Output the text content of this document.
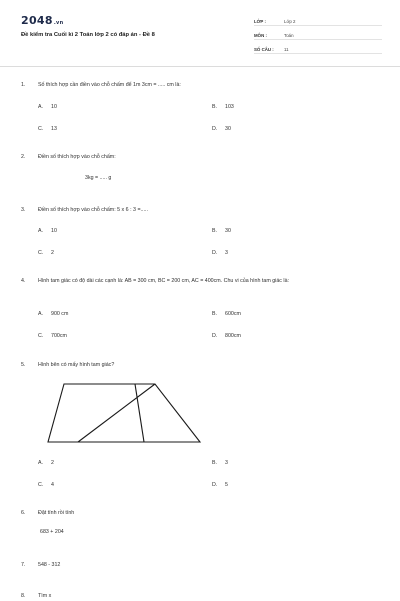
2048.vn
Đề kiểm tra Cuối kì 2 Toán lớp 2 có đáp án - Đề 8
LỚP :	Lớp 2
MÔN :	Toán
SỐ CÂU :	11
1. Số thích hợp cần điền vào chỗ chấm để 1m 3cm = ..... cm là:
A. 10	B. 103
C. 13	D. 30
2. Điền số thích hợp vào chỗ chấm:
3kg = ..... g
3. Điền số thích hợp vào chỗ chấm: 5 x 6 : 3 =.....
A. 10	B. 30
C. 2	D. 3
4. Hình tam giác có độ dài các cạnh là: AB = 300 cm, BC = 200 cm, AC = 400cm. Chu vi của hình tam giác là:
A. 900 cm	B. 600cm
C. 700cm	D. 800cm
5. Hình bên có mấy hình tam giác?
A. 2	B. 3
C. 4	D. 5
6. Đặt tính rồi tính
683 + 204
7. 548 - 312
8. Tìm x
